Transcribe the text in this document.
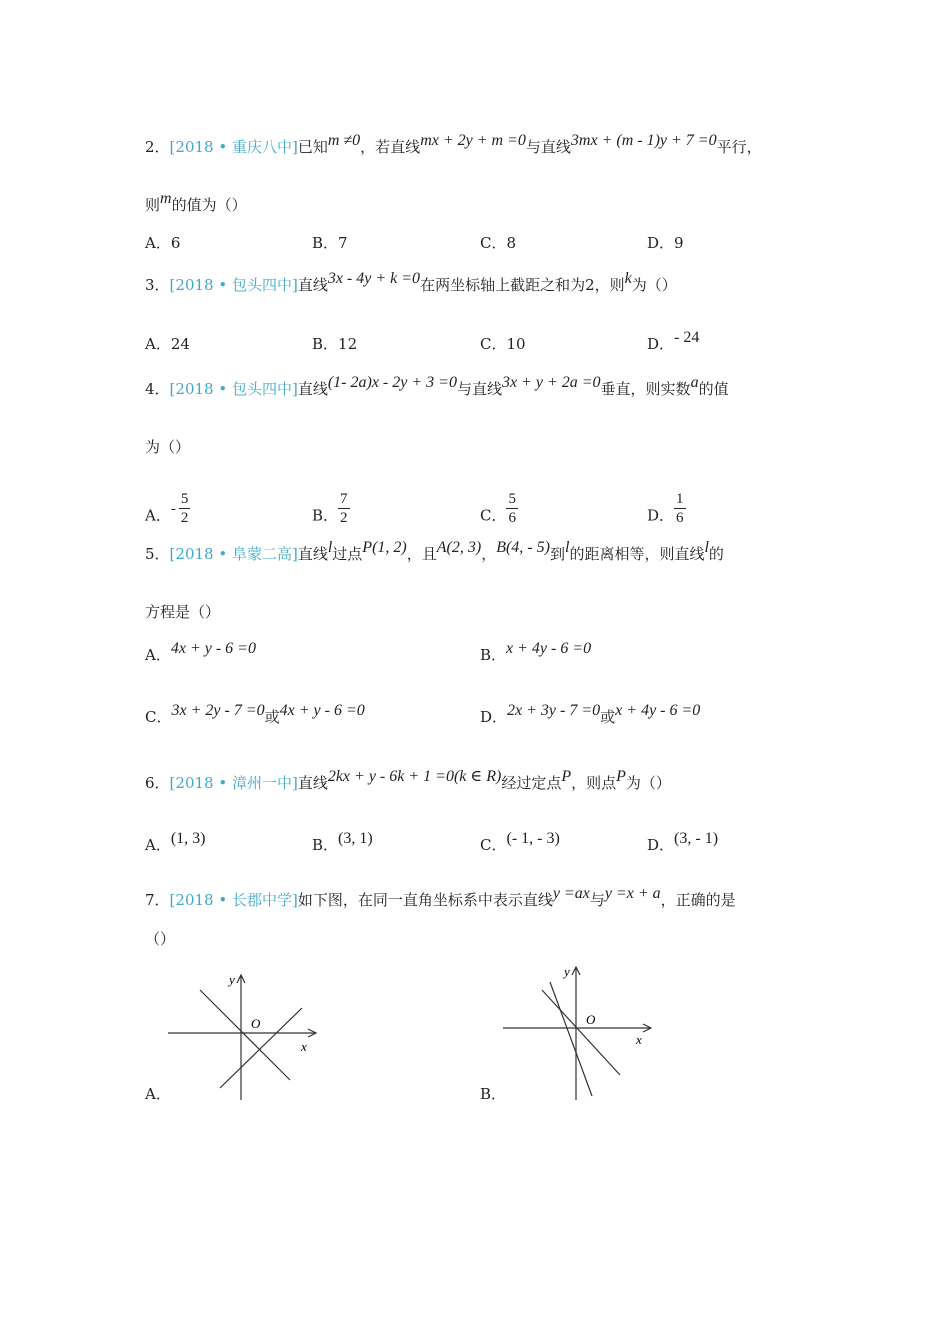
2．[2018 • 重庆八中]已知m ≠0，若直线mx + 2y + m =0与直线3mx + (m - 1)y + 7 =0平行，
则m的值为（）
A．6	B．7	C．8	D．9
3．[2018 • 包头四中]直线3x - 4y + k =0在两坐标轴上截距之和为2，则k为（）
A．24	B．12	C．10	D．- 24
4．[2018 • 包头四中]直线(1- 2a)x - 2y + 3 =0与直线3x + y + 2a =0垂直，则实数a的值
为（）
A．- $\frac{5}{2}$	B． $\frac{7}{2}$	C． $\frac{5}{6}$	D． $\frac{1}{6}$
5．[2018 • 阜蒙二高]直线l过点P(1, 2)，且A(2, 3)，B(4, - 5)到l的距离相等，则直线l的
方程是（）
A．4x + y - 6 =0	B．x + 4y - 6 =0
C．3x + 2y - 7 =0或4x + y - 6 =0	D．2x + 3y - 7 =0或x + 4y - 6 =0
6．[2018 • 漳州一中]直线2kx + y - 6k + 1 =0(k ∈ R)经过定点P，则点P为（）
A．(1, 3)	B．(3, 1)	C．(- 1, - 3)	D．(3, - 1)
7．[2018 • 长郡中学]如下图，在同一直角坐标系中表示直线y =ax与y =x + a，正确的是
（）
y
O
x
A．
y
O
x
B．
